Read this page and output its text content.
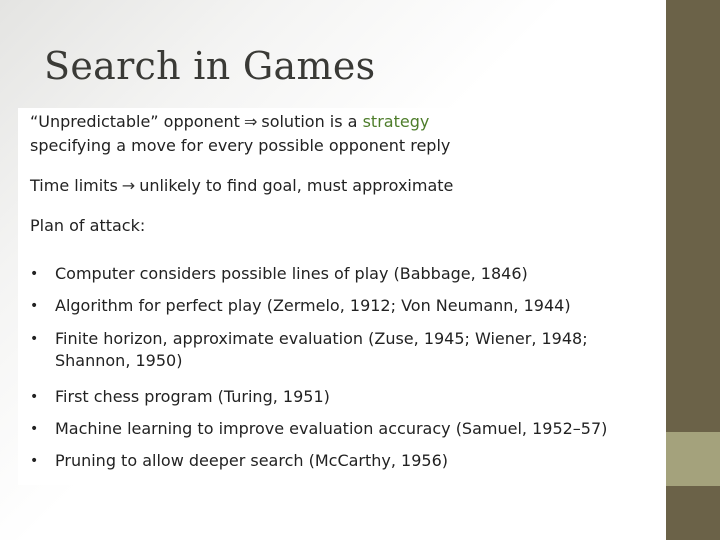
Search in Games
“Unpredictable” opponent ⇒ solution is a strategy
specifying a move for every possible opponent reply
Time limits → unlikely to find goal, must approximate
Plan of attack:
•	Computer considers possible lines of play (Babbage, 1846)
•	Algorithm for perfect play (Zermelo, 1912; Von Neumann, 1944)
•	Finite horizon, approximate evaluation (Zuse, 1945; Wiener, 1948; Shannon, 1950)
•	First chess program (Turing, 1951)
•	Machine learning to improve evaluation accuracy (Samuel, 1952–57)
•	Pruning to allow deeper search (McCarthy, 1956)
